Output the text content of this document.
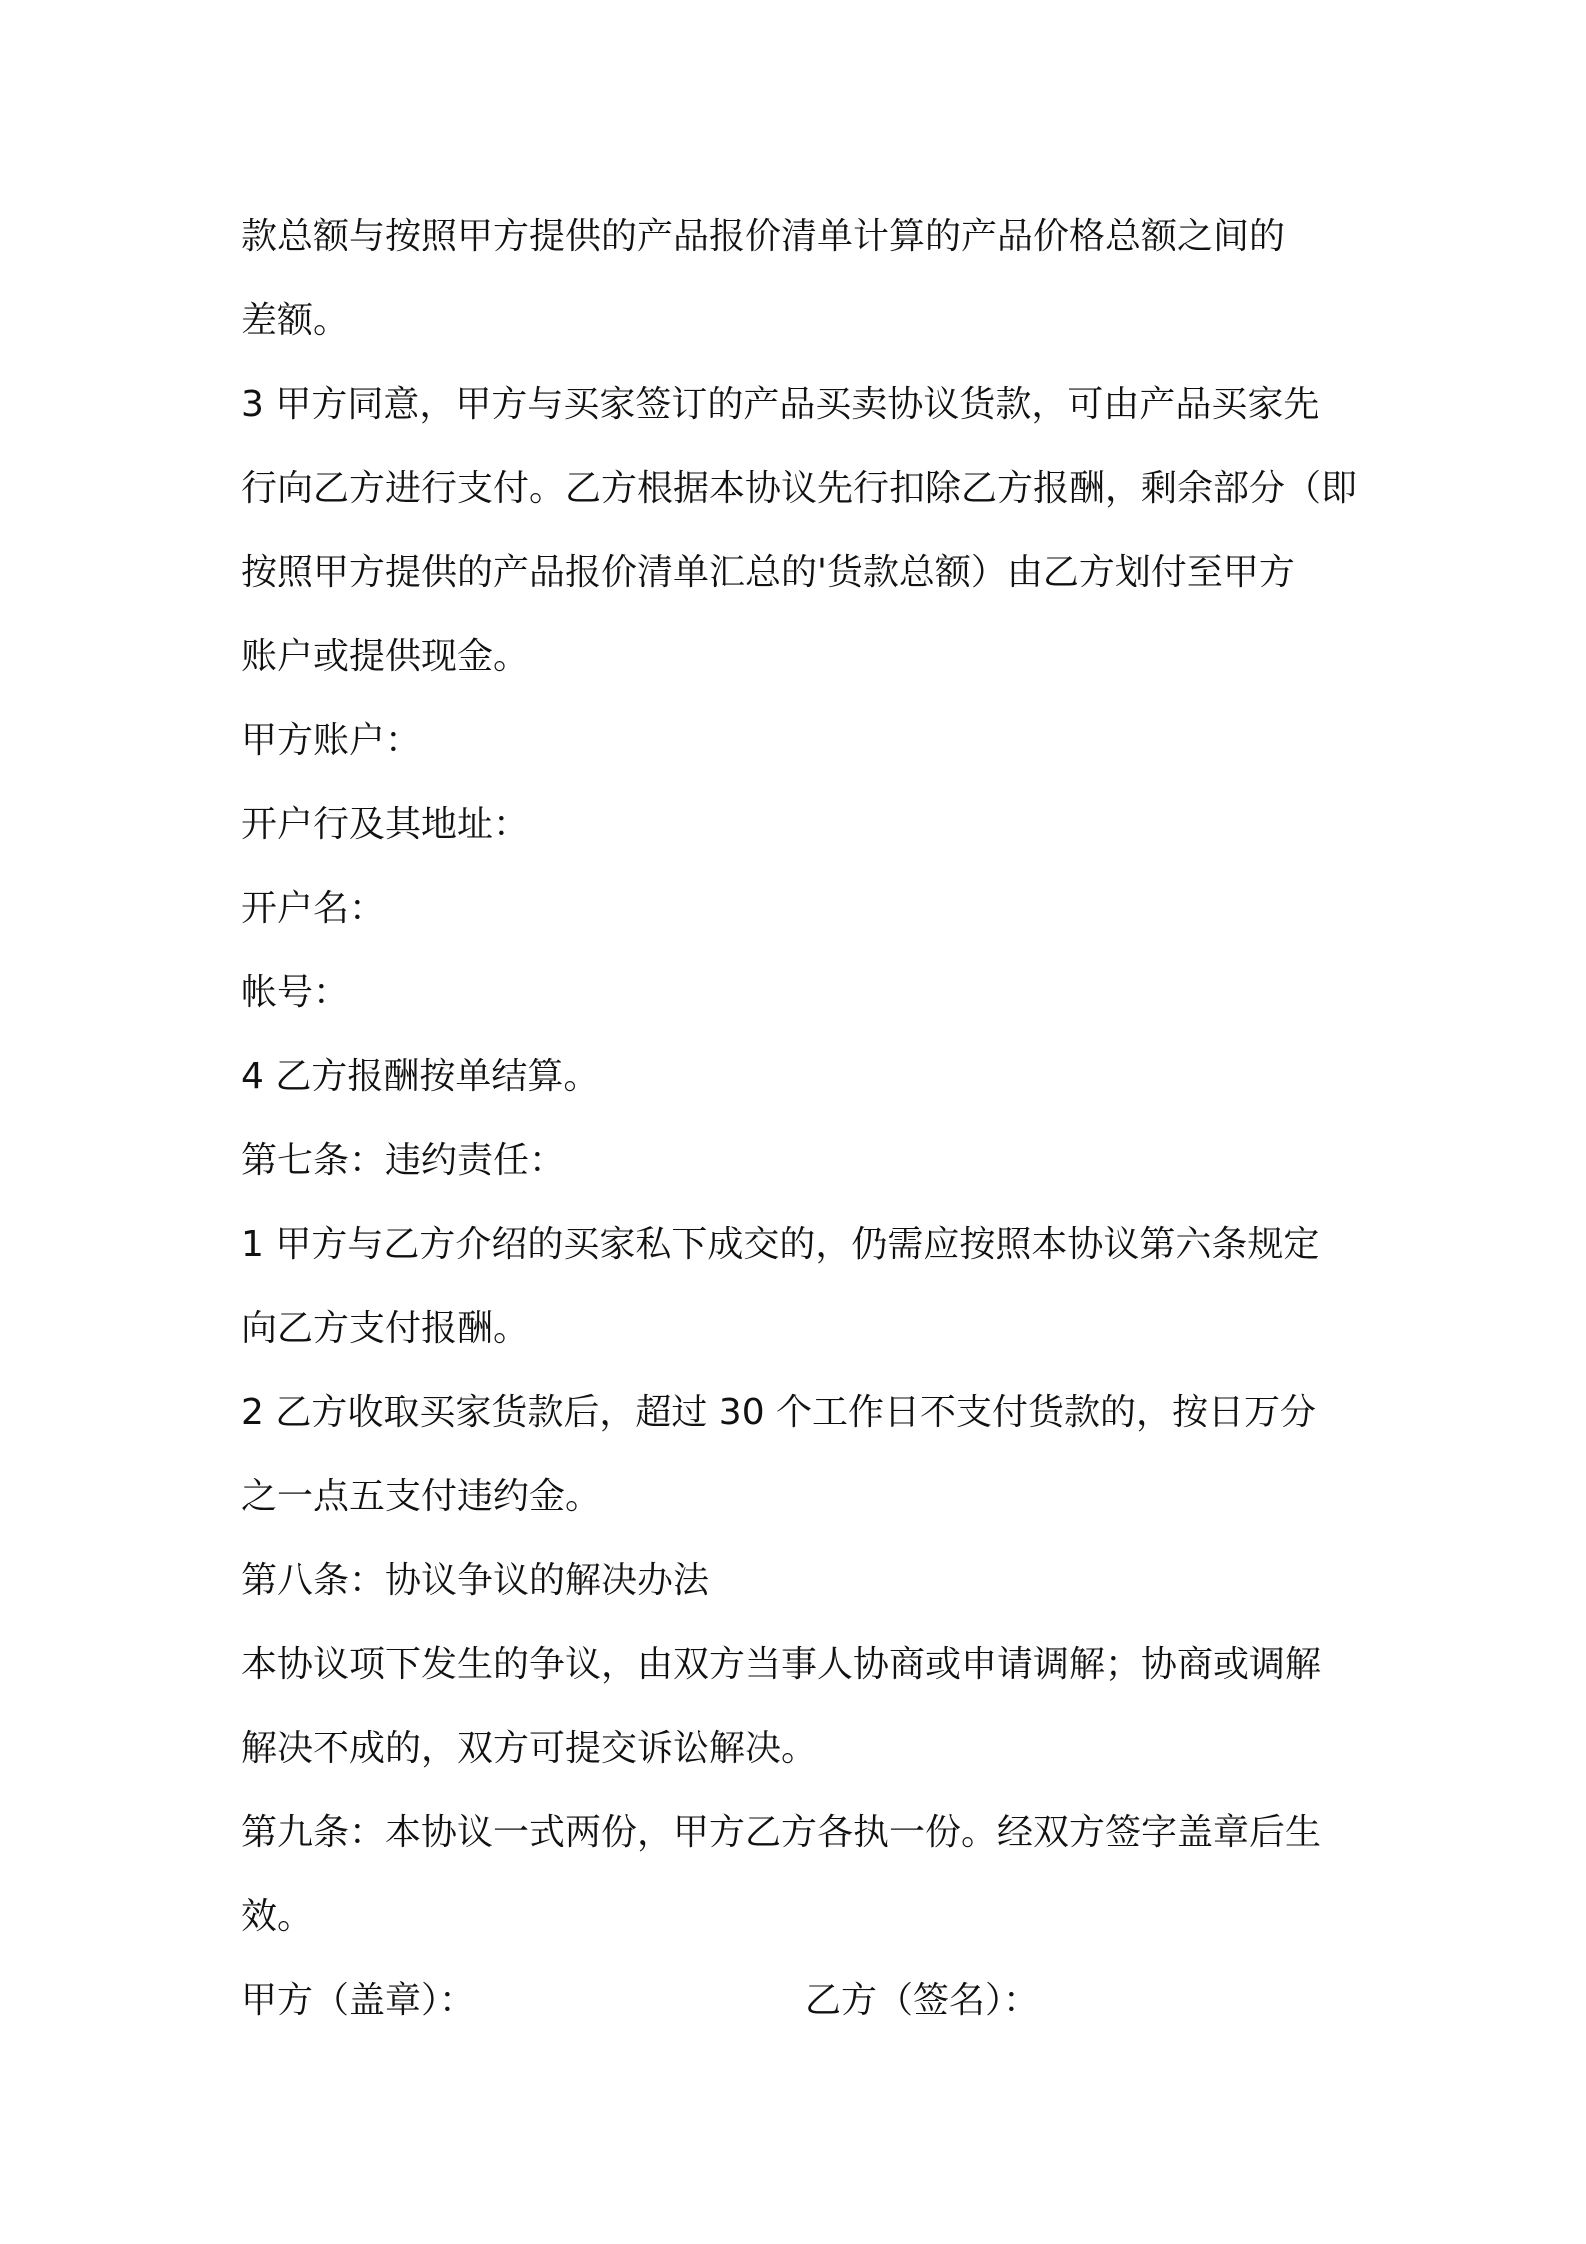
款总额与按照甲方提供的产品报价清单计算的产品价格总额之间的
差额。
3 甲方同意，甲方与买家签订的产品买卖协议货款，可由产品买家先
行向乙方进行支付。乙方根据本协议先行扣除乙方报酬，剩余部分（即
按照甲方提供的产品报价清单汇总的'货款总额）由乙方划付至甲方
账户或提供现金。
甲方账户：
开户行及其地址：
开户名：
帐号：
4 乙方报酬按单结算。
第七条：违约责任：
1 甲方与乙方介绍的买家私下成交的，仍需应按照本协议第六条规定
向乙方支付报酬。
2 乙方收取买家货款后，超过 30 个工作日不支付货款的，按日万分
之一点五支付违约金。
第八条：协议争议的解决办法
本协议项下发生的争议，由双方当事人协商或申请调解；协商或调解
解决不成的，双方可提交诉讼解决。
第九条：本协议一式两份，甲方乙方各执一份。经双方签字盖章后生
效。
甲方（盖章）：	乙方（签名）：
